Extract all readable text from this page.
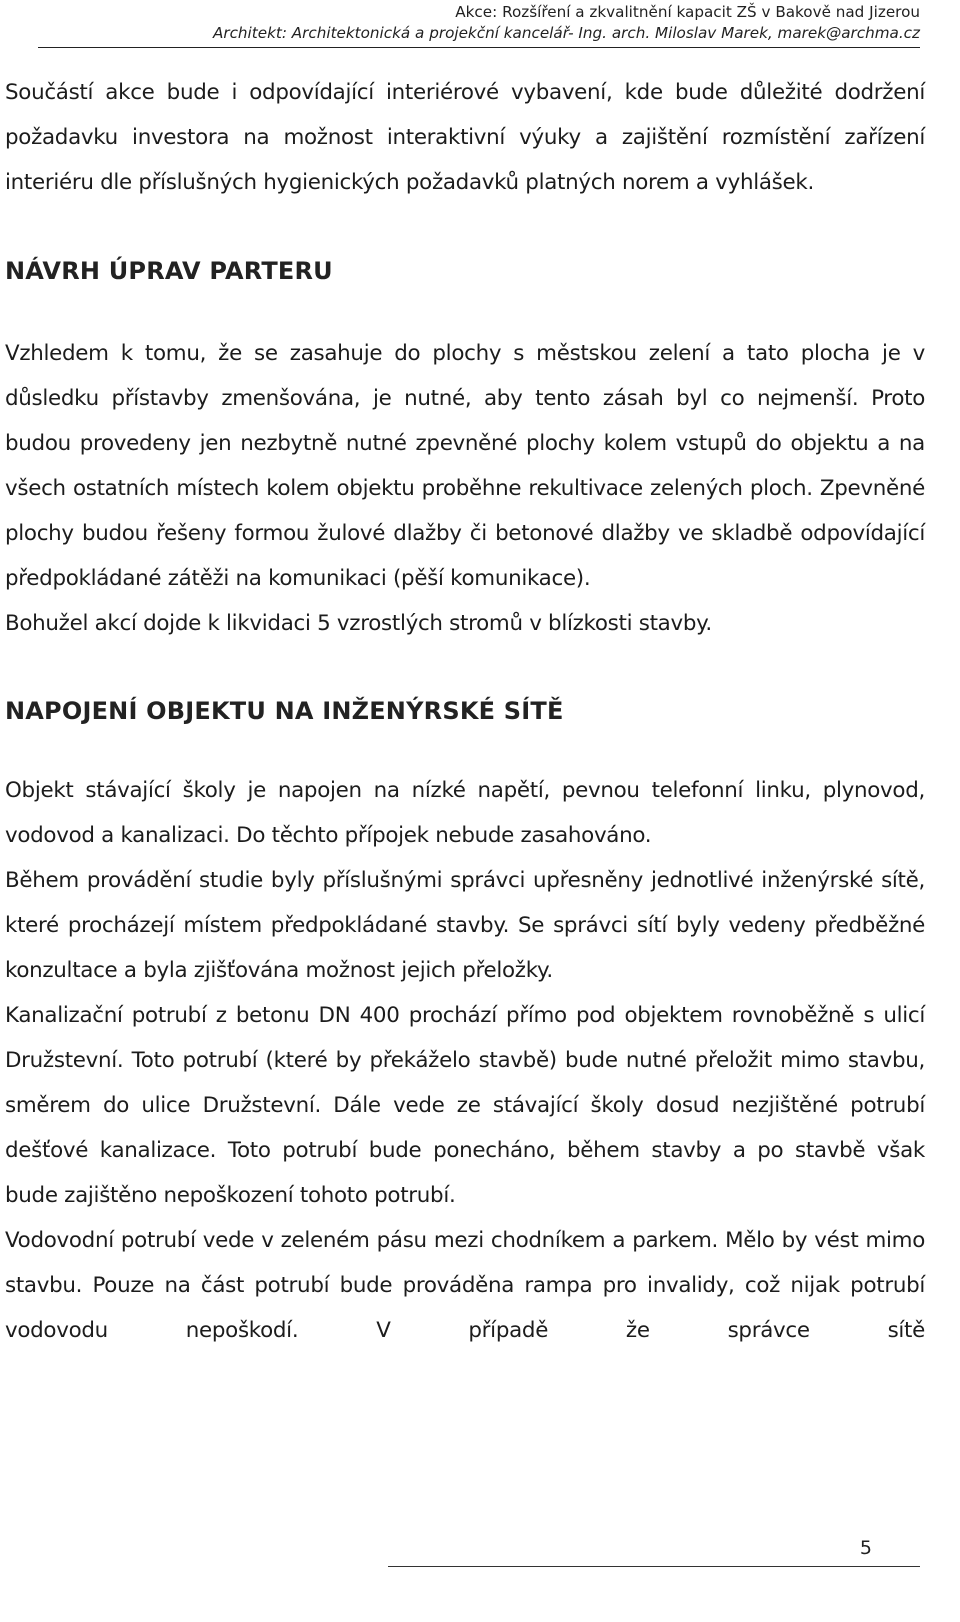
Akce: Rozšíření a zkvalitnění kapacit ZŠ v Bakově nad Jizerou
Architekt: Architektonická a projekční kancelář- Ing. arch. Miloslav Marek, marek@archma.cz

Součástí akce bude i odpovídající interiérové vybavení, kde bude důležité dodržení požadavku investora na možnost interaktivní výuky a zajištění rozmístění zařízení interiéru dle příslušných hygienických požadavků platných norem a vyhlášek.

NÁVRH ÚPRAV PARTERU

Vzhledem k tomu, že se zasahuje do plochy s městskou zelení a tato plocha je v důsledku přístavby zmenšována, je nutné, aby tento zásah byl co nejmenší. Proto budou provedeny jen nezbytně nutné zpevněné plochy kolem vstupů do objektu a na všech ostatních místech kolem objektu proběhne rekultivace zelených ploch. Zpevněné plochy budou řešeny formou žulové dlažby či betonové dlažby ve skladbě odpovídající předpokládané zátěži na komunikaci (pěší komunikace).

Bohužel akcí dojde k likvidaci 5 vzrostlých stromů v blízkosti stavby.

NAPOJENÍ OBJEKTU NA INŽENÝRSKÉ SÍTĚ

Objekt stávající školy je napojen na nízké napětí, pevnou telefonní linku, plynovod, vodovod a kanalizaci. Do těchto přípojek nebude zasahováno.

Během provádění studie byly příslušnými správci upřesněny jednotlivé inženýrské sítě, které procházejí místem předpokládané stavby. Se správci sítí byly vedeny předběžné konzultace a byla zjišťována možnost jejich přeložky.

Kanalizační potrubí z betonu DN 400 prochází přímo pod objektem rovnoběžně s ulicí Družstevní. Toto potrubí (které by překáželo stavbě) bude nutné přeložit mimo stavbu, směrem do ulice Družstevní. Dále vede ze stávající školy dosud nezjištěné potrubí dešťové kanalizace. Toto potrubí bude ponecháno, během stavby a po stavbě však bude zajištěno nepoškození tohoto potrubí.

Vodovodní potrubí vede v zeleném pásu mezi chodníkem a parkem. Mělo by vést mimo stavbu. Pouze na část potrubí bude prováděna rampa pro invalidy, což nijak potrubí vodovodu nepoškodí. V případě že správce sítě

5
